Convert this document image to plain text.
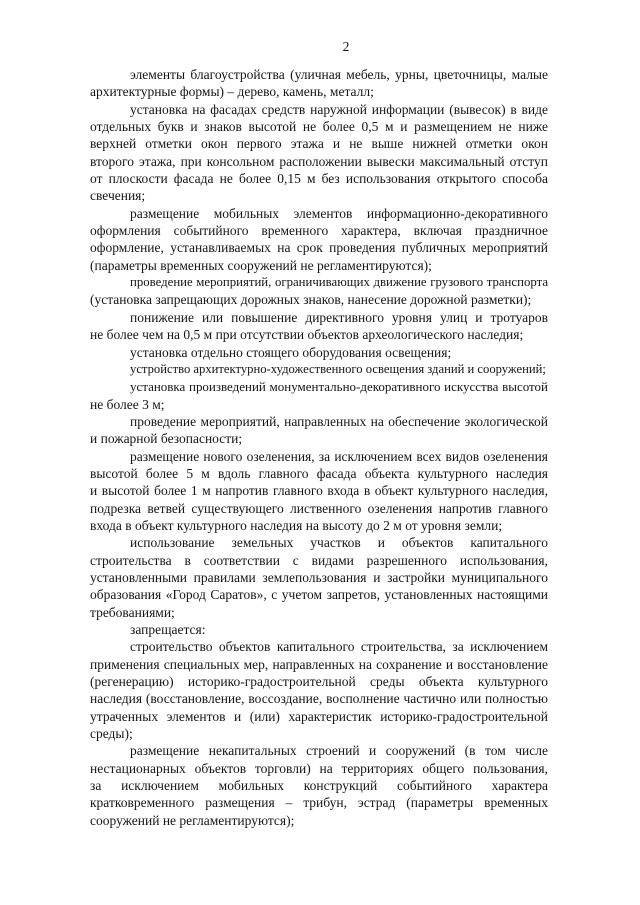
2
элементы благоустройства (уличная мебель, урны, цветочницы, малые
архитектурные формы) – дерево, камень, металл;
установка на фасадах средств наружной информации (вывесок) в виде
отдельных букв и знаков высотой не более 0,5 м и размещением не ниже
верхней отметки окон первого этажа и не выше нижней отметки окон
второго этажа, при консольном расположении вывески максимальный отступ
от плоскости фасада не более 0,15 м без использования открытого способа
свечения;
размещение мобильных элементов информационно-декоративного
оформления событийного временного характера, включая праздничное
оформление, устанавливаемых на срок проведения публичных мероприятий
(параметры временных сооружений не регламентируются);
проведение мероприятий, ограничивающих движение грузового транспорта
(установка запрещающих дорожных знаков, нанесение дорожной разметки);
понижение или повышение директивного уровня улиц и тротуаров
не более чем на 0,5 м при отсутствии объектов археологического наследия;
установка отдельно стоящего оборудования освещения;
устройство архитектурно-художественного освещения зданий и сооружений;
установка произведений монументально-декоративного искусства высотой
не более 3 м;
проведение мероприятий, направленных на обеспечение экологической
и пожарной безопасности;
размещение нового озеленения, за исключением всех видов озеленения
высотой более 5 м вдоль главного фасада объекта культурного наследия
и высотой более 1 м напротив главного входа в объект культурного наследия,
подрезка ветвей существующего лиственного озеленения напротив главного
входа в объект культурного наследия на высоту до 2 м от уровня земли;
использование земельных участков и объектов капитального
строительства в соответствии с видами разрешенного использования,
установленными правилами землепользования и застройки муниципального
образования «Город Саратов», с учетом запретов, установленных настоящими
требованиями;
запрещается:
строительство объектов капитального строительства, за исключением
применения специальных мер, направленных на сохранение и восстановление
(регенерацию) историко-градостроительной среды объекта культурного
наследия (восстановление, воссоздание, восполнение частично или полностью
утраченных элементов и (или) характеристик историко-градостроительной
среды);
размещение некапитальных строений и сооружений (в том числе
нестационарных объектов торговли) на территориях общего пользования,
за исключением мобильных конструкций событийного характера
кратковременного размещения – трибун, эстрад (параметры временных
сооружений не регламентируются);
